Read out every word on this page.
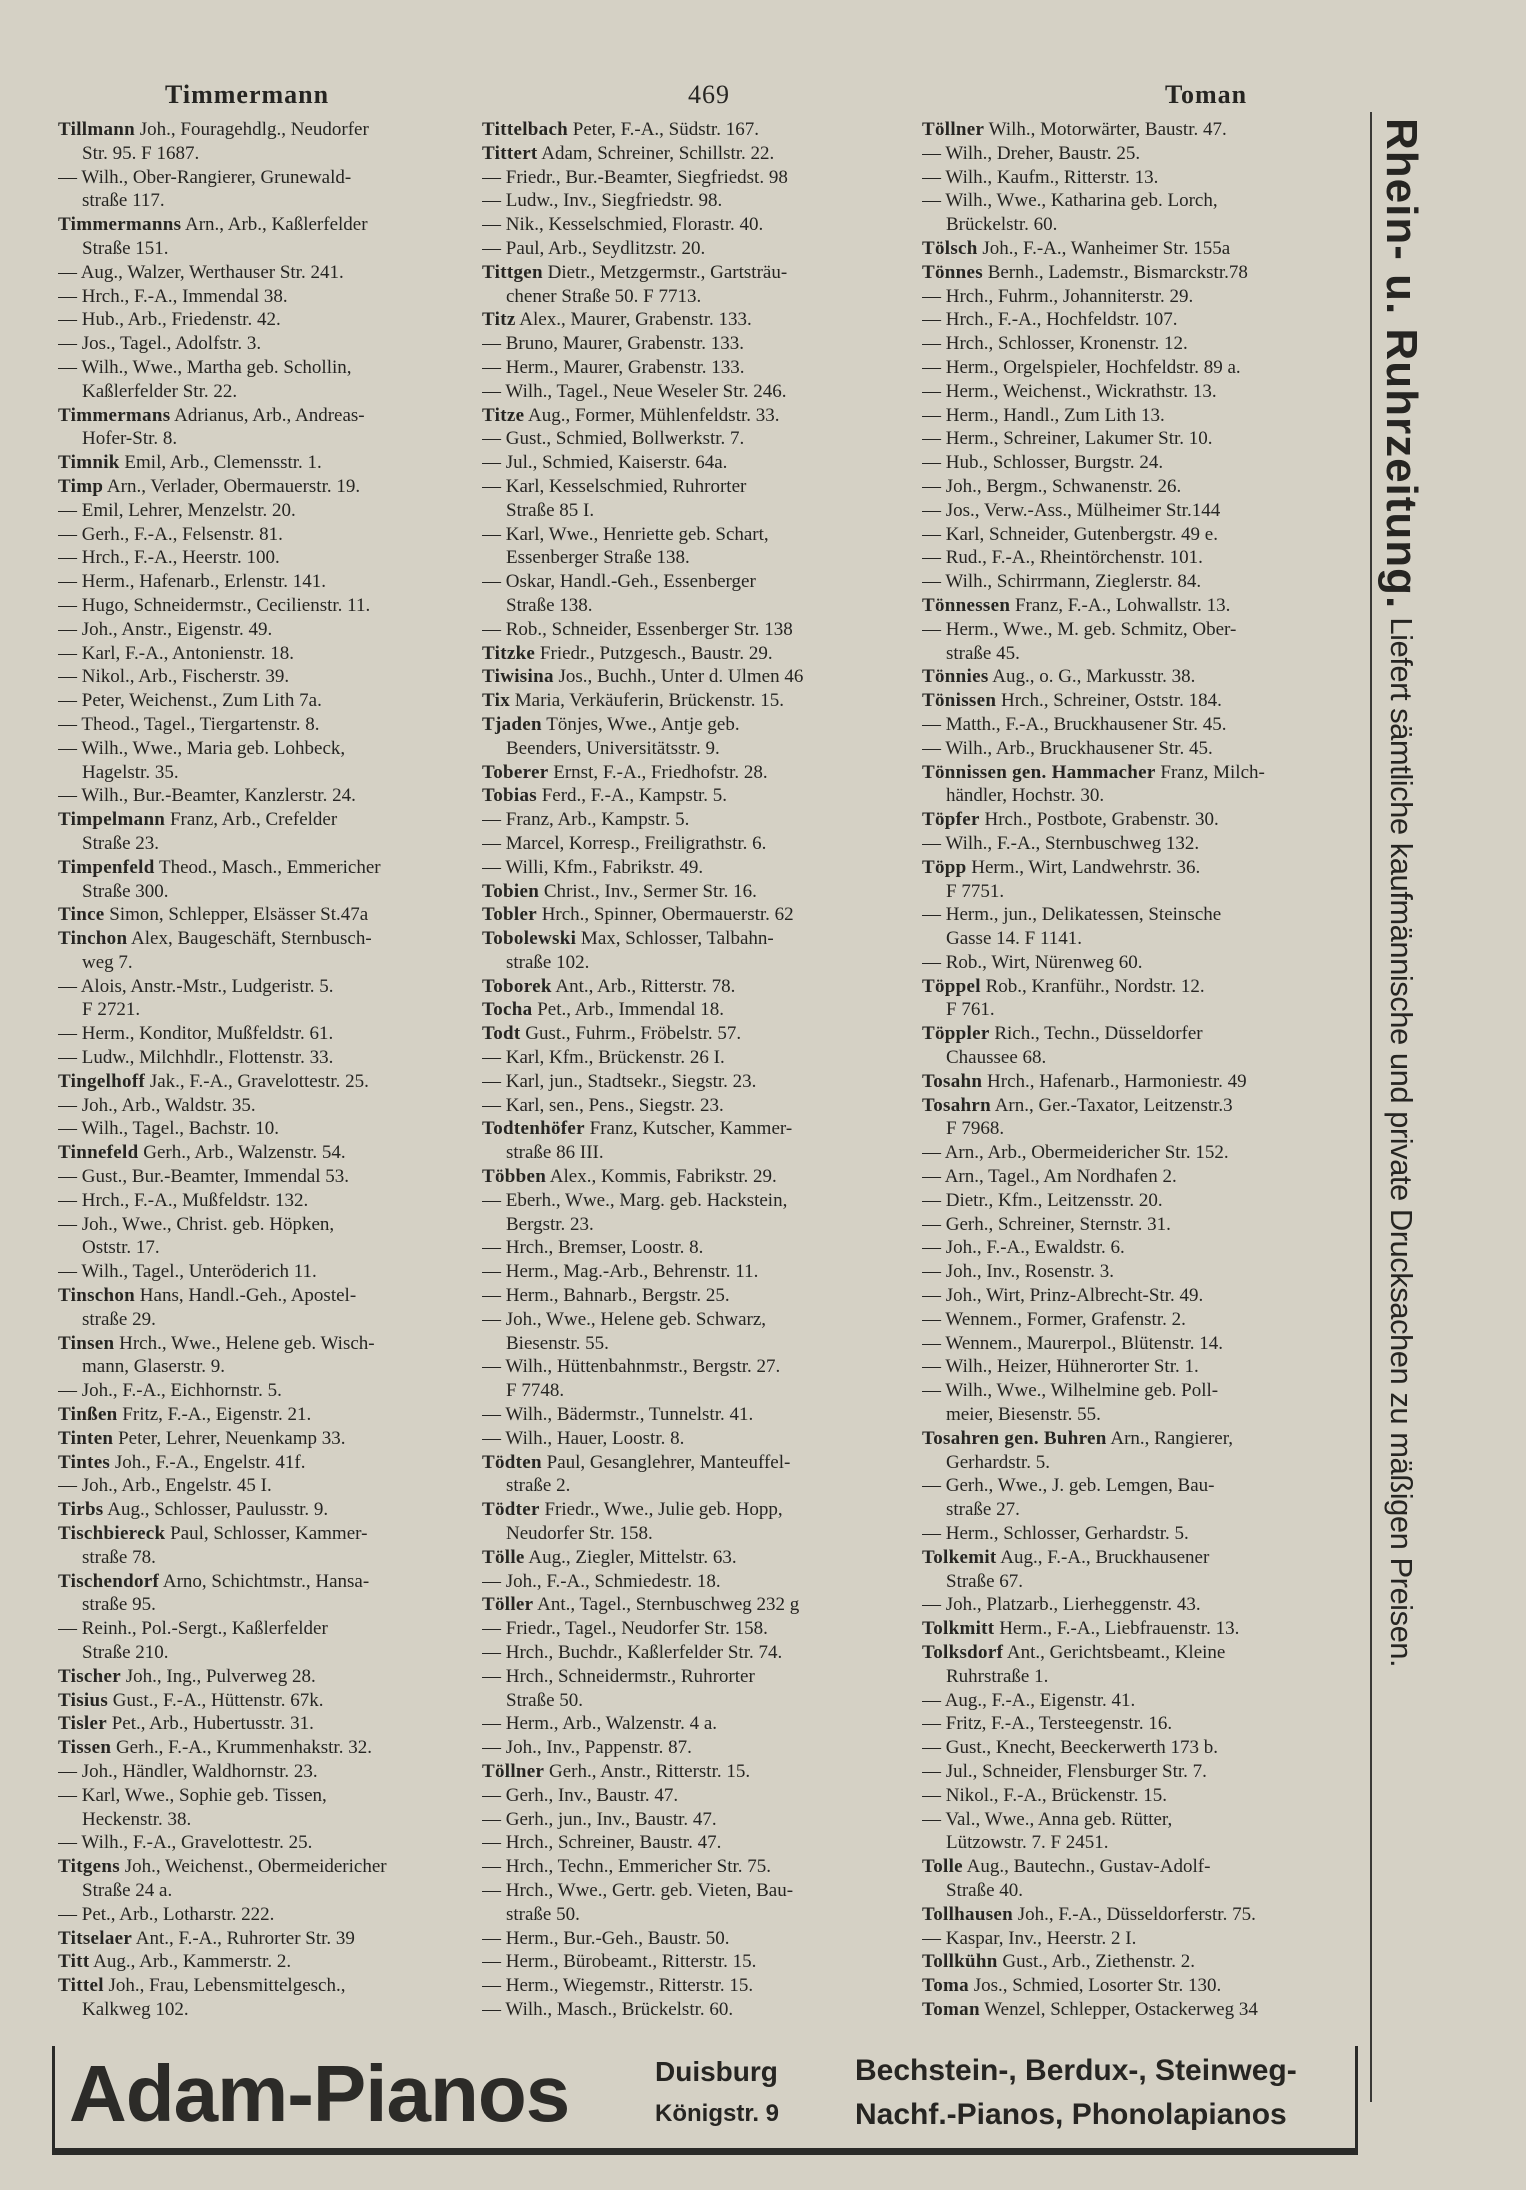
Timmermann	469	Toman
Tillmann Joh., Fouragehdlg., Neudorfer
Str. 95. F 1687.
— Wilh., Ober-Rangierer, Grunewald-
straße 117.
Timmermanns Arn., Arb., Kaßlerfelder
Straße 151.
— Aug., Walzer, Werthauser Str. 241.
— Hrch., F.-A., Immendal 38.
— Hub., Arb., Friedenstr. 42.
— Jos., Tagel., Adolfstr. 3.
— Wilh., Wwe., Martha geb. Schollin,
Kaßlerfelder Str. 22.
Timmermans Adrianus, Arb., Andreas-
Hofer-Str. 8.
Timnik Emil, Arb., Clemensstr. 1.
Timp Arn., Verlader, Obermauerstr. 19.
— Emil, Lehrer, Menzelstr. 20.
— Gerh., F.-A., Felsenstr. 81.
— Hrch., F.-A., Heerstr. 100.
— Herm., Hafenarb., Erlenstr. 141.
— Hugo, Schneidermstr., Cecilienstr. 11.
— Joh., Anstr., Eigenstr. 49.
— Karl, F.-A., Antonienstr. 18.
— Nikol., Arb., Fischerstr. 39.
— Peter, Weichenst., Zum Lith 7a.
— Theod., Tagel., Tiergartenstr. 8.
— Wilh., Wwe., Maria geb. Lohbeck,
Hagelstr. 35.
— Wilh., Bur.-Beamter, Kanzlerstr. 24.
Timpelmann Franz, Arb., Crefelder
Straße 23.
Timpenfeld Theod., Masch., Emmericher
Straße 300.
Tince Simon, Schlepper, Elsässer St.47a
Tinchon Alex, Baugeschäft, Sternbusch-
weg 7.
— Alois, Anstr.-Mstr., Ludgeristr. 5.
F 2721.
— Herm., Konditor, Mußfeldstr. 61.
— Ludw., Milchhdlr., Flottenstr. 33.
Tingelhoff Jak., F.-A., Gravelottestr. 25.
— Joh., Arb., Waldstr. 35.
— Wilh., Tagel., Bachstr. 10.
Tinnefeld Gerh., Arb., Walzenstr. 54.
— Gust., Bur.-Beamter, Immendal 53.
— Hrch., F.-A., Mußfeldstr. 132.
— Joh., Wwe., Christ. geb. Höpken,
Oststr. 17.
— Wilh., Tagel., Unteröderich 11.
Tinschon Hans, Handl.-Geh., Apostel-
straße 29.
Tinsen Hrch., Wwe., Helene geb. Wisch-
mann, Glaserstr. 9.
— Joh., F.-A., Eichhornstr. 5.
Tinßen Fritz, F.-A., Eigenstr. 21.
Tinten Peter, Lehrer, Neuenkamp 33.
Tintes Joh., F.-A., Engelstr. 41f.
— Joh., Arb., Engelstr. 45 I.
Tirbs Aug., Schlosser, Paulusstr. 9.
Tischbiereck Paul, Schlosser, Kammer-
straße 78.
Tischendorf Arno, Schichtmstr., Hansa-
straße 95.
— Reinh., Pol.-Sergt., Kaßlerfelder
Straße 210.
Tischer Joh., Ing., Pulverweg 28.
Tisius Gust., F.-A., Hüttenstr. 67k.
Tisler Pet., Arb., Hubertusstr. 31.
Tissen Gerh., F.-A., Krummenhakstr. 32.
— Joh., Händler, Waldhornstr. 23.
— Karl, Wwe., Sophie geb. Tissen,
Heckenstr. 38.
— Wilh., F.-A., Gravelottestr. 25.
Titgens Joh., Weichenst., Obermeidericher
Straße 24 a.
— Pet., Arb., Lotharstr. 222.
Titselaer Ant., F.-A., Ruhrorter Str. 39
Titt Aug., Arb., Kammerstr. 2.
Tittel Joh., Frau, Lebensmittelgesch.,
Kalkweg 102.
Tittelbach Peter, F.-A., Südstr. 167.
Tittert Adam, Schreiner, Schillstr. 22.
— Friedr., Bur.-Beamter, Siegfriedst. 98
— Ludw., Inv., Siegfriedstr. 98.
— Nik., Kesselschmied, Florastr. 40.
— Paul, Arb., Seydlitzstr. 20.
Tittgen Dietr., Metzgermstr., Gartsträu-
chener Straße 50. F 7713.
Titz Alex., Maurer, Grabenstr. 133.
— Bruno, Maurer, Grabenstr. 133.
— Herm., Maurer, Grabenstr. 133.
— Wilh., Tagel., Neue Weseler Str. 246.
Titze Aug., Former, Mühlenfeldstr. 33.
— Gust., Schmied, Bollwerkstr. 7.
— Jul., Schmied, Kaiserstr. 64a.
— Karl, Kesselschmied, Ruhrorter
Straße 85 I.
— Karl, Wwe., Henriette geb. Schart,
Essenberger Straße 138.
— Oskar, Handl.-Geh., Essenberger
Straße 138.
— Rob., Schneider, Essenberger Str. 138
Titzke Friedr., Putzgesch., Baustr. 29.
Tiwisina Jos., Buchh., Unter d. Ulmen 46
Tix Maria, Verkäuferin, Brückenstr. 15.
Tjaden Tönjes, Wwe., Antje geb.
Beenders, Universitätsstr. 9.
Toberer Ernst, F.-A., Friedhofstr. 28.
Tobias Ferd., F.-A., Kampstr. 5.
— Franz, Arb., Kampstr. 5.
— Marcel, Korresp., Freiligrathstr. 6.
— Willi, Kfm., Fabrikstr. 49.
Tobien Christ., Inv., Sermer Str. 16.
Tobler Hrch., Spinner, Obermauerstr. 62
Tobolewski Max, Schlosser, Talbahn-
straße 102.
Toborek Ant., Arb., Ritterstr. 78.
Tocha Pet., Arb., Immendal 18.
Todt Gust., Fuhrm., Fröbelstr. 57.
— Karl, Kfm., Brückenstr. 26 I.
— Karl, jun., Stadtsekr., Siegstr. 23.
— Karl, sen., Pens., Siegstr. 23.
Todtenhöfer Franz, Kutscher, Kammer-
straße 86 III.
Többen Alex., Kommis, Fabrikstr. 29.
— Eberh., Wwe., Marg. geb. Hackstein,
Bergstr. 23.
— Hrch., Bremser, Loostr. 8.
— Herm., Mag.-Arb., Behrenstr. 11.
— Herm., Bahnarb., Bergstr. 25.
— Joh., Wwe., Helene geb. Schwarz,
Biesenstr. 55.
— Wilh., Hüttenbahnmstr., Bergstr. 27.
F 7748.
— Wilh., Bädermstr., Tunnelstr. 41.
— Wilh., Hauer, Loostr. 8.
Tödten Paul, Gesanglehrer, Manteuffel-
straße 2.
Tödter Friedr., Wwe., Julie geb. Hopp,
Neudorfer Str. 158.
Tölle Aug., Ziegler, Mittelstr. 63.
— Joh., F.-A., Schmiedestr. 18.
Töller Ant., Tagel., Sternbuschweg 232 g
— Friedr., Tagel., Neudorfer Str. 158.
— Hrch., Buchdr., Kaßlerfelder Str. 74.
— Hrch., Schneidermstr., Ruhrorter
Straße 50.
— Herm., Arb., Walzenstr. 4 a.
— Joh., Inv., Pappenstr. 87.
Töllner Gerh., Anstr., Ritterstr. 15.
— Gerh., Inv., Baustr. 47.
— Gerh., jun., Inv., Baustr. 47.
— Hrch., Schreiner, Baustr. 47.
— Hrch., Techn., Emmericher Str. 75.
— Hrch., Wwe., Gertr. geb. Vieten, Bau-
straße 50.
— Herm., Bur.-Geh., Baustr. 50.
— Herm., Bürobeamt., Ritterstr. 15.
— Herm., Wiegemstr., Ritterstr. 15.
— Wilh., Masch., Brückelstr. 60.
Töllner Wilh., Motorwärter, Baustr. 47.
— Wilh., Dreher, Baustr. 25.
— Wilh., Kaufm., Ritterstr. 13.
— Wilh., Wwe., Katharina geb. Lorch,
Brückelstr. 60.
Tölsch Joh., F.-A., Wanheimer Str. 155a
Tönnes Bernh., Lademstr., Bismarckstr.78
— Hrch., Fuhrm., Johanniterstr. 29.
— Hrch., F.-A., Hochfeldstr. 107.
— Hrch., Schlosser, Kronenstr. 12.
— Herm., Orgelspieler, Hochfeldstr. 89 a.
— Herm., Weichenst., Wickrathstr. 13.
— Herm., Handl., Zum Lith 13.
— Herm., Schreiner, Lakumer Str. 10.
— Hub., Schlosser, Burgstr. 24.
— Joh., Bergm., Schwanenstr. 26.
— Jos., Verw.-Ass., Mülheimer Str.144
— Karl, Schneider, Gutenbergstr. 49 e.
— Rud., F.-A., Rheintörchenstr. 101.
— Wilh., Schirrmann, Zieglerstr. 84.
Tönnessen Franz, F.-A., Lohwallstr. 13.
— Herm., Wwe., M. geb. Schmitz, Ober-
straße 45.
Tönnies Aug., o. G., Markusstr. 38.
Tönissen Hrch., Schreiner, Oststr. 184.
— Matth., F.-A., Bruckhausener Str. 45.
— Wilh., Arb., Bruckhausener Str. 45.
Tönnissen gen. Hammacher Franz, Milch-
händler, Hochstr. 30.
Töpfer Hrch., Postbote, Grabenstr. 30.
— Wilh., F.-A., Sternbuschweg 132.
Töpp Herm., Wirt, Landwehrstr. 36.
F 7751.
— Herm., jun., Delikatessen, Steinsche
Gasse 14. F 1141.
— Rob., Wirt, Nürenweg 60.
Töppel Rob., Kranführ., Nordstr. 12.
F 761.
Töppler Rich., Techn., Düsseldorfer
Chaussee 68.
Tosahn Hrch., Hafenarb., Harmoniestr. 49
Tosahrn Arn., Ger.-Taxator, Leitzenstr.3
F 7968.
— Arn., Arb., Obermeidericher Str. 152.
— Arn., Tagel., Am Nordhafen 2.
— Dietr., Kfm., Leitzensstr. 20.
— Gerh., Schreiner, Sternstr. 31.
— Joh., F.-A., Ewaldstr. 6.
— Joh., Inv., Rosenstr. 3.
— Joh., Wirt, Prinz-Albrecht-Str. 49.
— Wennem., Former, Grafenstr. 2.
— Wennem., Maurerpol., Blütenstr. 14.
— Wilh., Heizer, Hühnerorter Str. 1.
— Wilh., Wwe., Wilhelmine geb. Poll-
meier, Biesenstr. 55.
Tosahren gen. Buhren Arn., Rangierer,
Gerhardstr. 5.
— Gerh., Wwe., J. geb. Lemgen, Bau-
straße 27.
— Herm., Schlosser, Gerhardstr. 5.
Tolkemit Aug., F.-A., Bruckhausener
Straße 67.
— Joh., Platzarb., Lierheggenstr. 43.
Tolkmitt Herm., F.-A., Liebfrauenstr. 13.
Tolksdorf Ant., Gerichtsbeamt., Kleine
Ruhrstraße 1.
— Aug., F.-A., Eigenstr. 41.
— Fritz, F.-A., Tersteegenstr. 16.
— Gust., Knecht, Beeckerwerth 173 b.
— Jul., Schneider, Flensburger Str. 7.
— Nikol., F.-A., Brückenstr. 15.
— Val., Wwe., Anna geb. Rütter,
Lützowstr. 7. F 2451.
Tolle Aug., Bautechn., Gustav-Adolf-
Straße 40.
Tollhausen Joh., F.-A., Düsseldorferstr. 75.
— Kaspar, Inv., Heerstr. 2 I.
Tollkühn Gust., Arb., Ziethenstr. 2.
Toma Jos., Schmied, Losorter Str. 130.
Toman Wenzel, Schlepper, Ostackerweg 34
Rhein- u. Ruhrzeitung. Liefert sämtliche kaufmännische und private Drucksachen zu mäßigen Preisen.
Adam-Pianos	Duisburg
Königstr. 9
Bechstein-, Berdux-, Steinweg-
Nachf.-Pianos, Phonolapianos
